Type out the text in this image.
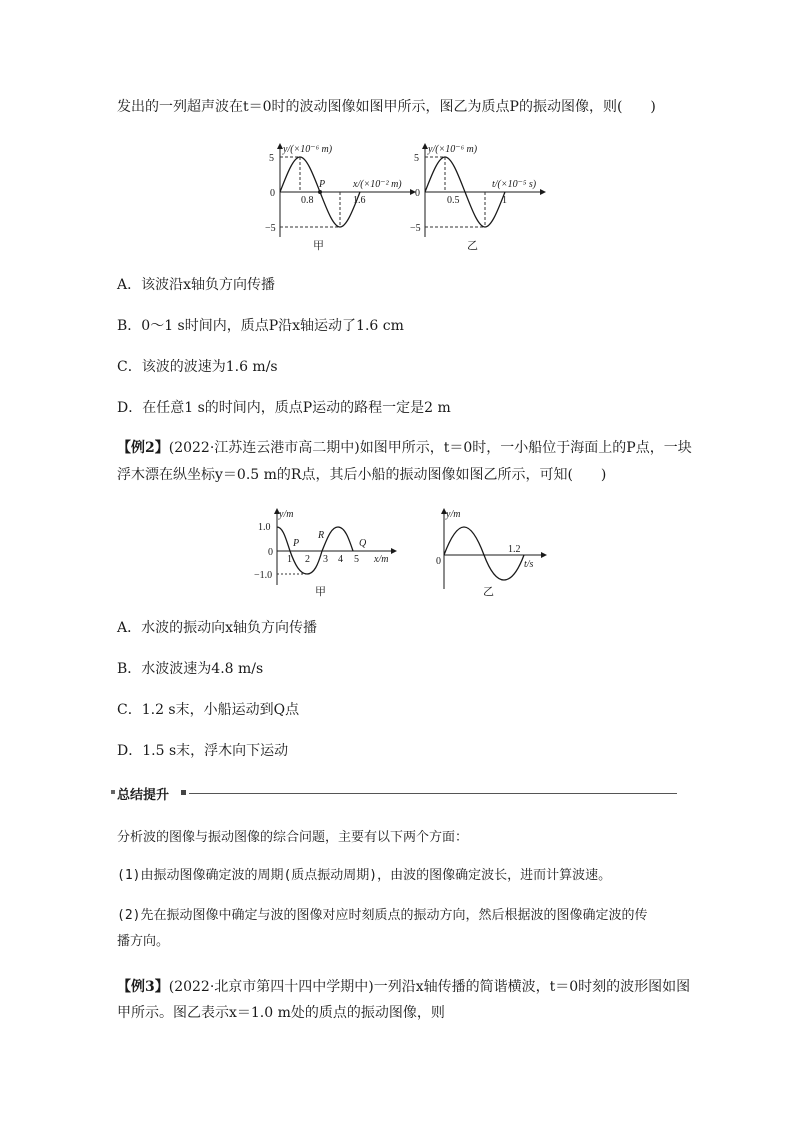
发出的一列超声波在t＝0时的波动图像如图甲所示，图乙为质点P的振动图像，则(　　)
y/(×10⁻⁶ m)
5
0
−5
0.8	1.6
P	x/(×10⁻² m)
甲
y/(×10⁻⁶ m)
5
0
−5
0.5	1
t/(×10⁻⁵ s)
乙
A．该波沿x轴负方向传播
B．0～1 s时间内，质点P沿x轴运动了1.6 cm
C．该波的波速为1.6 m/s
D．在任意1 s的时间内，质点P运动的路程一定是2 m
【例2】(2022·江苏连云港市高二期中)如图甲所示，t＝0时，一小船位于海面上的P点，一块
浮木漂在纵坐标y＝0.5 m的R点，其后小船的振动图像如图乙所示，可知(　　)
y/m
1.0
0
−1.0
1 2 3 4 5
P
R
Q
x/m
甲
y/m
0
1.2
t/s
乙
A．水波的振动向x轴负方向传播
B．水波波速为4.8 m/s
C．1.2 s末，小船运动到Q点
D．1.5 s末，浮木向下运动
总结提升
分析波的图像与振动图像的综合问题，主要有以下两个方面：
(1)由振动图像确定波的周期(质点振动周期)，由波的图像确定波长，进而计算波速。
(2)先在振动图像中确定与波的图像对应时刻质点的振动方向，然后根据波的图像确定波的传
播方向。
【例3】(2022·北京市第四十四中学期中)一列沿x轴传播的简谐横波，t＝0时刻的波形图如图
甲所示。图乙表示x＝1.0 m处的质点的振动图像，则
